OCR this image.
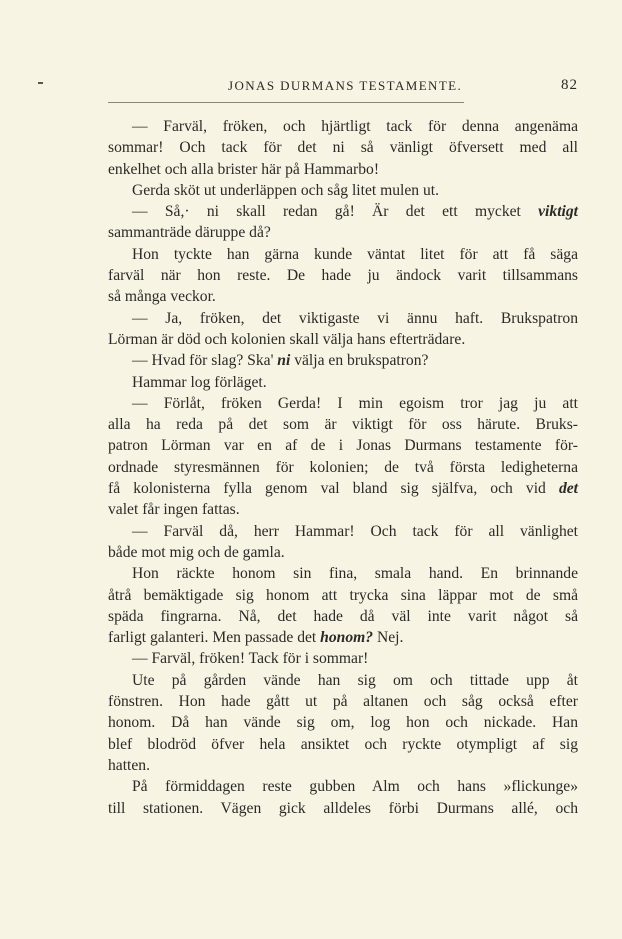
JONAS DURMANS TESTAMENTE.	82
— Farväl, fröken, och hjärtligt tack för denna angenäma
sommar! Och tack för det ni så vänligt öfversett med all
enkelhet och alla brister här på Hammarbo!
Gerda sköt ut underläppen och såg litet mulen ut.
— Så,· ni skall redan gå! Är det ett mycket viktigt
sammanträde däruppe då?
Hon tyckte han gärna kunde väntat litet för att få säga
farväl när hon reste. De hade ju ändock varit tillsammans
så många veckor.
— Ja, fröken, det viktigaste vi ännu haft. Brukspatron
Lörman är död och kolonien skall välja hans efterträdare.
— Hvad för slag? Ska' ni välja en brukspatron?
Hammar log förläget.
— Förlåt, fröken Gerda! I min egoism tror jag ju att
alla ha reda på det som är viktigt för oss härute. Bruks-
patron Lörman var en af de i Jonas Durmans testamente för-
ordnade styresmännen för kolonien; de två första ledigheterna
få kolonisterna fylla genom val bland sig själfva, och vid det
valet får ingen fattas.
— Farväl då, herr Hammar! Och tack för all vänlighet
både mot mig och de gamla.
Hon räckte honom sin fina, smala hand. En brinnande
åtrå bemäktigade sig honom att trycka sina läppar mot de små
späda fingrarna. Nå, det hade då väl inte varit något så
farligt galanteri. Men passade det honom? Nej.
— Farväl, fröken! Tack för i sommar!
Ute på gården vände han sig om och tittade upp åt
fönstren. Hon hade gått ut på altanen och såg också efter
honom. Då han vände sig om, log hon och nickade. Han
blef blodröd öfver hela ansiktet och ryckte otympligt af sig
hatten.
På förmiddagen reste gubben Alm och hans »flickunge»
till stationen. Vägen gick alldeles förbi Durmans allé, och
